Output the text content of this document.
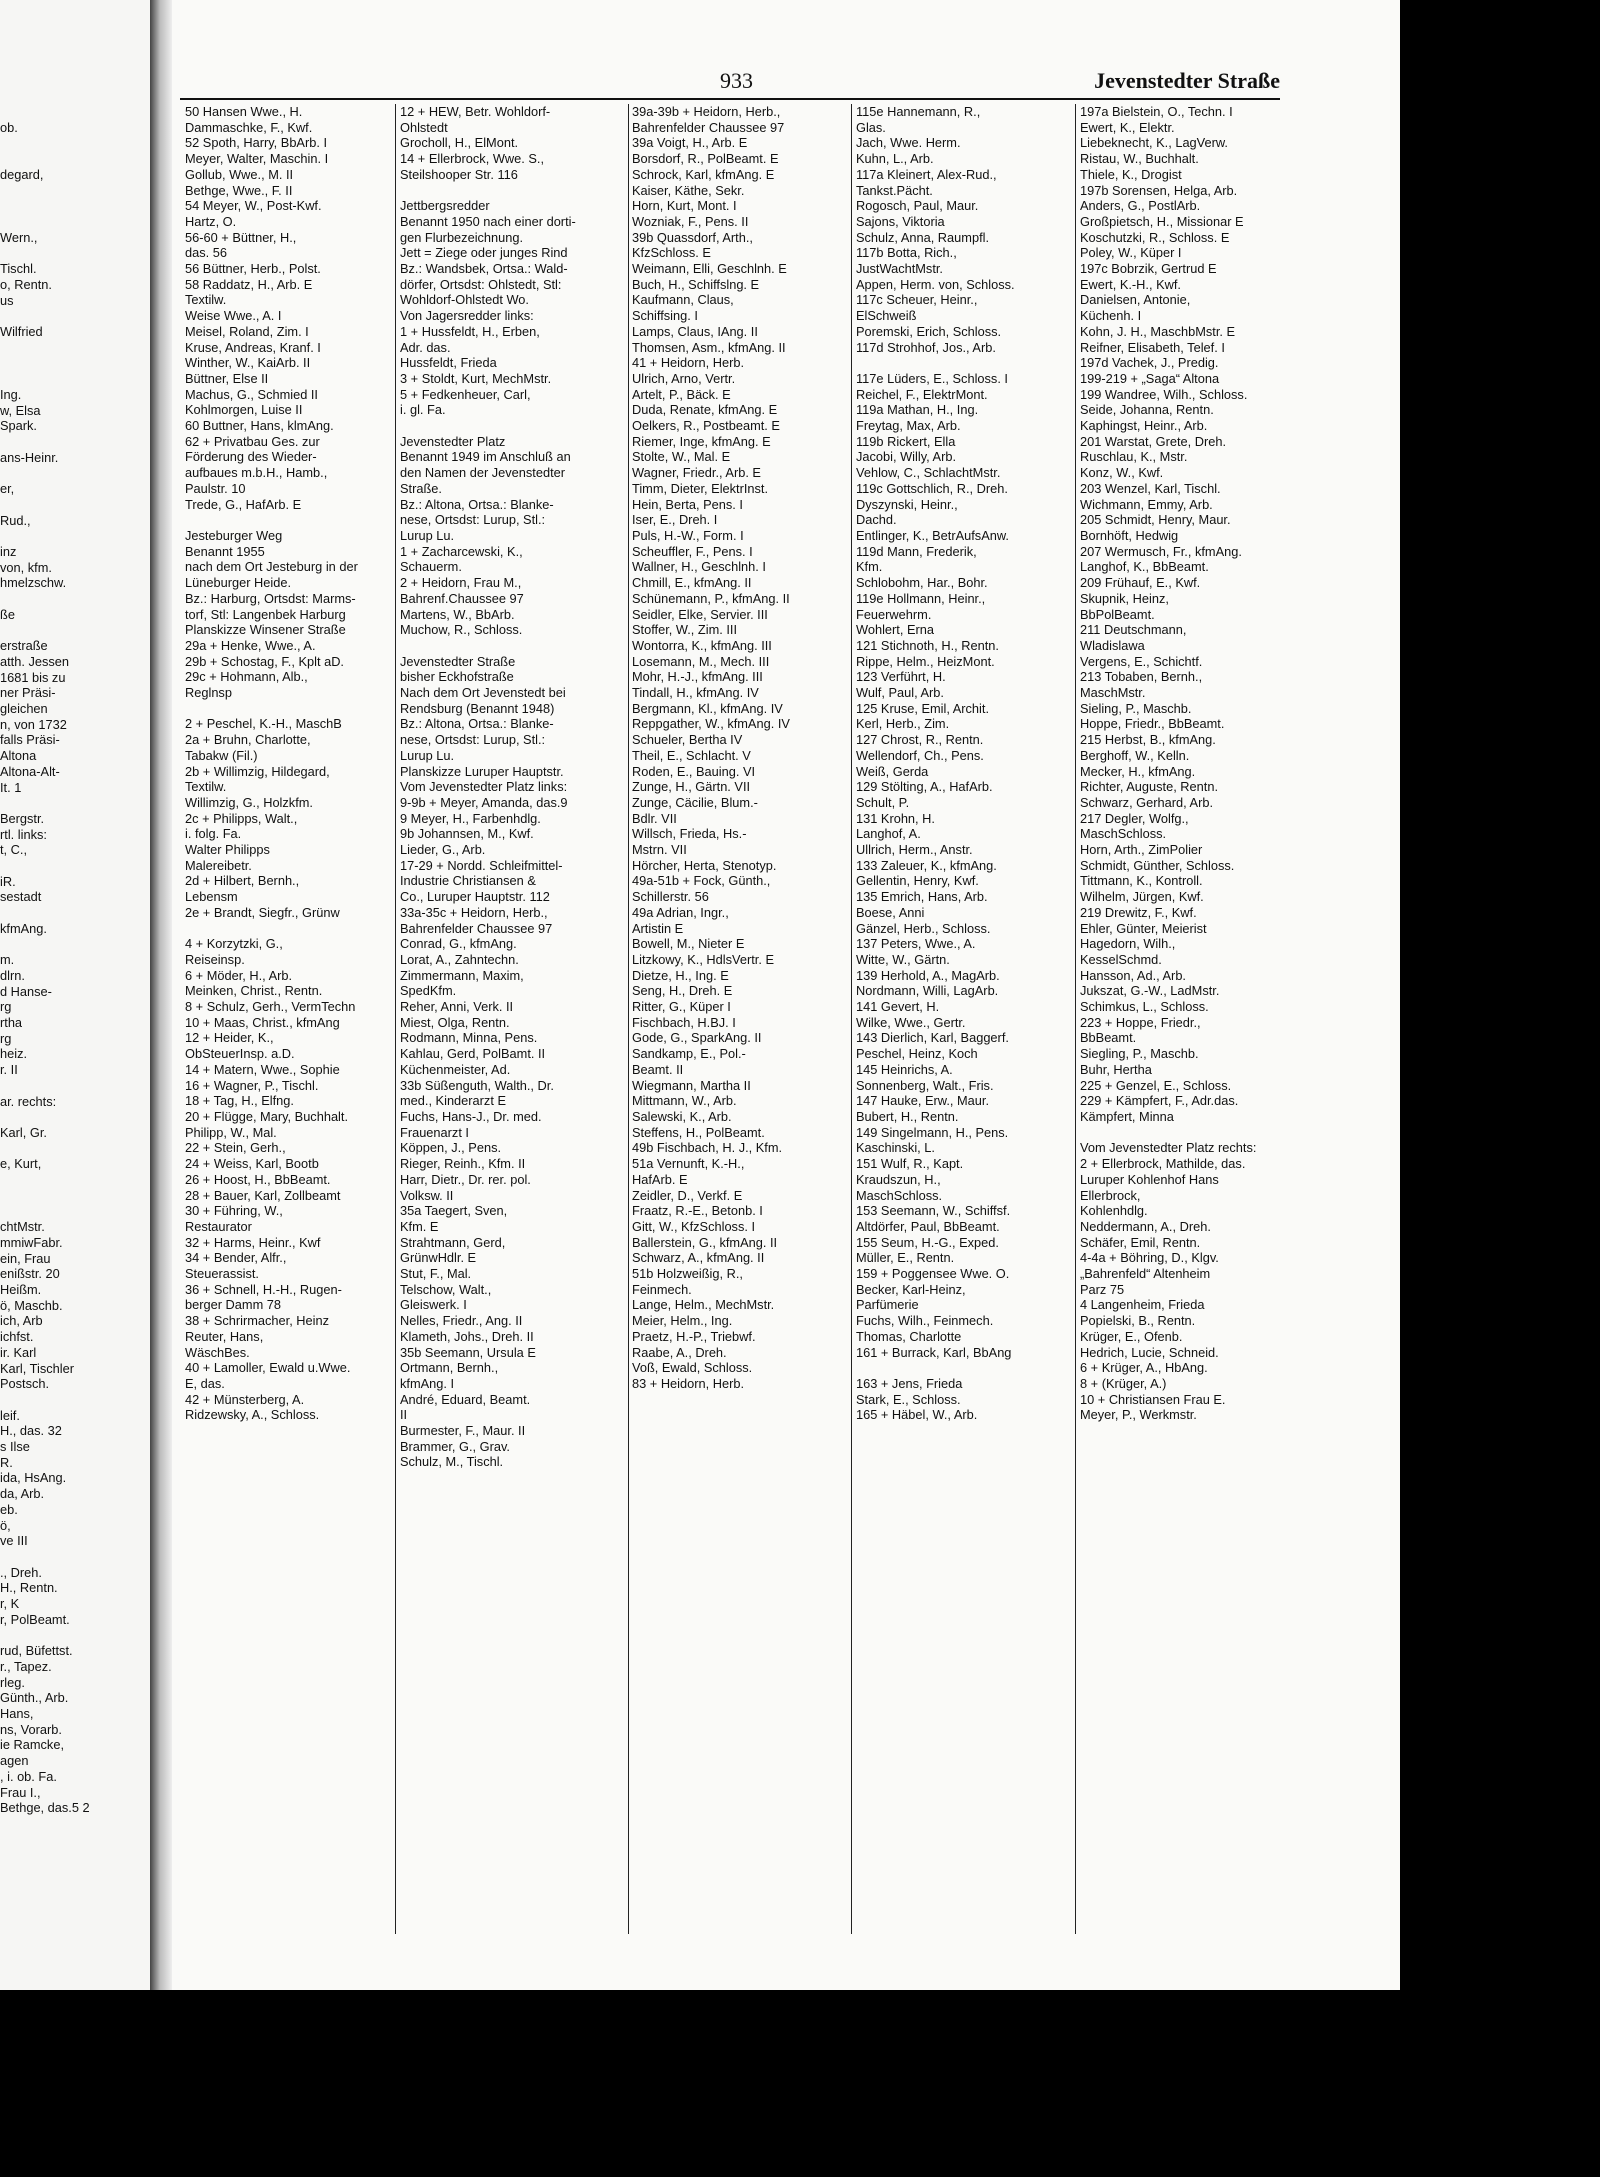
ob.

degard,

Wern.,

Tischl.
o, Rentn.
us

Wilfried

Ing.
w, Elsa
Spark.

ans-Heinr.

er,

Rud.,

inz
von, kfm.
hmelzschw.

ße

erstraße
atth. Jessen
1681 bis zu
ner Präsi-
gleichen
n, von 1732
falls Präsi-
Altona
Altona-Alt-
It. 1

Bergstr.
rtl. links:
t, C.,

iR.
sestadt

kfmAng.

m.
dlrn.
d Hanse-
rg
rtha
rg
heiz.
r. II

ar. rechts:

Karl, Gr.

e, Kurt,

chtMstr.
mmiwFabr.
ein, Frau
enißstr. 20
Heißm.
ö, Maschb.
ich, Arb
ichfst.
ir. Karl
Karl, Tischler
Postsch.

leif.
H., das. 32
s Ilse
R.
ida, HsAng.
da, Arb.
eb.
ö,
ve III

., Dreh.
H., Rentn.
r, K
r, PolBeamt.

rud, Büfettst.
r., Tapez.
rleg.
Günth., Arb.
Hans,
ns, Vorarb.
ie Ramcke,
agen
, i. ob. Fa.
Frau I.,
Bethge, das.5 2
933	Jevenstedter Straße
50 Hansen Wwe., H.
Dammaschke, F., Kwf.
52 Spoth, Harry, BbArb. I
Meyer, Walter, Maschin. I
Gollub, Wwe., M. II
Bethge, Wwe., F. II
54 Meyer, W., Post-Kwf.
Hartz, O.
56-60 + Büttner, H.,
das. 56
56 Büttner, Herb., Polst.
58 Raddatz, H., Arb. E
Textilw.
Weise Wwe., A. I
Meisel, Roland, Zim. I
Kruse, Andreas, Kranf. I
Winther, W., KaiArb. II
Büttner, Else II
Machus, G., Schmied II
Kohlmorgen, Luise II
60 Buttner, Hans, klmAng.
62 + Privatbau Ges. zur
Förderung des Wieder-
aufbaues m.b.H., Hamb.,
Paulstr. 10
Trede, G., HafArb. E

Jesteburger Weg
Benannt 1955
nach dem Ort Jesteburg in der
Lüneburger Heide.
Bz.: Harburg, Ortsdst: Marms-
torf, Stl: Langenbek Harburg
Planskizze Winsener Straße
29a + Henke, Wwe., A.
29b + Schostag, F., Kplt aD.
29c + Hohmann, Alb.,
Reglnsp

2 + Peschel, K.-H., MaschB
2a + Bruhn, Charlotte,
Tabakw (Fil.)
2b + Willimzig, Hildegard,
Textilw.
Willimzig, G., Holzkfm.
2c + Philipps, Walt.,
i. folg. Fa.
Walter Philipps
Malereibetr.
2d + Hilbert, Bernh.,
Lebensm
2e + Brandt, Siegfr., Grünw

4 + Korzytzki, G.,
Reiseinsp.
6 + Möder, H., Arb.
Meinken, Christ., Rentn.
8 + Schulz, Gerh., VermTechn
10 + Maas, Christ., kfmAng
12 + Heider, K.,
ObSteuerInsp. a.D.
14 + Matern, Wwe., Sophie
16 + Wagner, P., Tischl.
18 + Tag, H., Elfng.
20 + Flügge, Mary, Buchhalt.
Philipp, W., Mal.
22 + Stein, Gerh.,
24 + Weiss, Karl, Bootb
26 + Hoost, H., BbBeamt.
28 + Bauer, Karl, Zollbeamt
30 + Führing, W.,
Restaurator
32 + Harms, Heinr., Kwf
34 + Bender, Alfr.,
Steuerassist.
36 + Schnell, H.-H., Rugen-
berger Damm 78
38 + Schrirmacher, Heinz
Reuter, Hans,
WäschBes.
40 + Lamoller, Ewald u.Wwe.
E, das.
42 + Münsterberg, A.
Ridzewsky, A., Schloss.
12 + HEW, Betr. Wohldorf-
Ohlstedt
Grocholl, H., ElMont.
14 + Ellerbrock, Wwe. S.,
Steilshooper Str. 116

Jettbergsredder
Benannt 1950 nach einer dorti-
gen Flurbezeichnung.
Jett = Ziege oder junges Rind
Bz.: Wandsbek, Ortsa.: Wald-
dörfer, Ortsdst: Ohlstedt, Stl:
Wohldorf-Ohlstedt Wo.
Von Jagersredder links:
1 + Hussfeldt, H., Erben,
Adr. das.
Hussfeldt, Frieda
3 + Stoldt, Kurt, MechMstr.
5 + Fedkenheuer, Carl,
i. gl. Fa.

Jevenstedter Platz
Benannt 1949 im Anschluß an
den Namen der Jevenstedter
Straße.
Bz.: Altona, Ortsa.: Blanke-
nese, Ortsdst: Lurup, Stl.:
Lurup Lu.
1 + Zacharcewski, K.,
Schauerm.
2 + Heidorn, Frau M.,
Bahrenf.Chaussee 97
Martens, W., BbArb.
Muchow, R., Schloss.

Jevenstedter Straße
bisher Eckhofstraße
Nach dem Ort Jevenstedt bei
Rendsburg (Benannt 1948)
Bz.: Altona, Ortsa.: Blanke-
nese, Ortsdst: Lurup, Stl.:
Lurup Lu.
Planskizze Luruper Hauptstr.
Vom Jevenstedter Platz links:
9-9b + Meyer, Amanda, das.9
9 Meyer, H., Farbenhdlg.
9b Johannsen, M., Kwf.
Lieder, G., Arb.
17-29 + Nordd. Schleifmittel-
Industrie Christiansen &
Co., Luruper Hauptstr. 112
33a-35c + Heidorn, Herb.,
Bahrenfelder Chaussee 97
Conrad, G., kfmAng.
Lorat, A., Zahntechn.
Zimmermann, Maxim,
SpedKfm.
Reher, Anni, Verk. II
Miest, Olga, Rentn.
Rodmann, Minna, Pens.
Kahlau, Gerd, PolBamt. II
Küchenmeister, Ad.
33b Süßenguth, Walth., Dr.
med., Kinderarzt E
Fuchs, Hans-J., Dr. med.
Frauenarzt I
Köppen, J., Pens.
Rieger, Reinh., Kfm. II
Harr, Dietr., Dr. rer. pol.
Volksw. II
35a Taegert, Sven,
Kfm. E
Strahtmann, Gerd,
GrünwHdlr. E
Stut, F., Mal.
Telschow, Walt.,
Gleiswerk. I
Nelles, Friedr., Ang. II
Klameth, Johs., Dreh. II
35b Seemann, Ursula E
Ortmann, Bernh.,
kfmAng. I
André, Eduard, Beamt.
II
Burmester, F., Maur. II
Brammer, G., Grav.
Schulz, M., Tischl.
39a-39b + Heidorn, Herb.,
Bahrenfelder Chaussee 97
39a Voigt, H., Arb. E
Borsdorf, R., PolBeamt. E
Schrock, Karl, kfmAng. E
Kaiser, Käthe, Sekr.
Horn, Kurt, Mont. I
Wozniak, F., Pens. II
39b Quassdorf, Arth.,
KfzSchloss. E
Weimann, Elli, Geschlnh. E
Buch, H., Schiffslng. E
Kaufmann, Claus,
Schiffsing. I
Lamps, Claus, IAng. II
Thomsen, Asm., kfmAng. II
41 + Heidorn, Herb.
Ulrich, Arno, Vertr.
Artelt, P., Bäck. E
Duda, Renate, kfmAng. E
Oelkers, R., Postbeamt. E
Riemer, Inge, kfmAng. E
Stolte, W., Mal. E
Wagner, Friedr., Arb. E
Timm, Dieter, ElektrInst.
Hein, Berta, Pens. I
Iser, E., Dreh. I
Puls, H.-W., Form. I
Scheuffler, F., Pens. I
Wallner, H., Geschlnh. I
Chmill, E., kfmAng. II
Schünemann, P., kfmAng. II
Seidler, Elke, Servier. III
Stoffer, W., Zim. III
Wontorra, K., kfmAng. III
Losemann, M., Mech. III
Mohr, H.-J., kfmAng. III
Tindall, H., kfmAng. IV
Bergmann, Kl., kfmAng. IV
Reppgather, W., kfmAng. IV
Schueler, Bertha IV
Theil, E., Schlacht. V
Roden, E., Bauing. VI
Zunge, H., Gärtn. VII
Zunge, Cäcilie, Blum.-
Bdlr. VII
Willsch, Frieda, Hs.-
Mstrn. VII
Hörcher, Herta, Stenotyp.
49a-51b + Fock, Günth.,
Schillerstr. 56
49a Adrian, Ingr.,
Artistin E
Bowell, M., Nieter E
Litzkowy, K., HdlsVertr. E
Dietze, H., Ing. E
Seng, H., Dreh. E
Ritter, G., Küper I
Fischbach, H.BJ. I
Gode, G., SparkAng. II
Sandkamp, E., Pol.-
Beamt. II
Wiegmann, Martha II
Mittmann, W., Arb.
Salewski, K., Arb.
Steffens, H., PolBeamt.
49b Fischbach, H. J., Kfm.
51a Vernunft, K.-H.,
HafArb. E
Zeidler, D., Verkf. E
Fraatz, R.-E., Betonb. I
Gitt, W., KfzSchloss. I
Ballerstein, G., kfmAng. II
Schwarz, A., kfmAng. II
51b Holzweißig, R.,
Feinmech.
Lange, Helm., MechMstr.
Meier, Helm., Ing.
Praetz, H.-P., Triebwf.
Raabe, A., Dreh.
Voß, Ewald, Schloss.
83 + Heidorn, Herb.
115e Hannemann, R.,
Glas.
Jach, Wwe. Herm.
Kuhn, L., Arb.
117a Kleinert, Alex-Rud.,
Tankst.Pächt.
Rogosch, Paul, Maur.
Sajons, Viktoria
Schulz, Anna, Raumpfl.
117b Botta, Rich.,
JustWachtMstr.
Appen, Herm. von, Schloss.
117c Scheuer, Heinr.,
ElSchweiß
Poremski, Erich, Schloss.
117d Strohhof, Jos., Arb.

117e Lüders, E., Schloss. I
Reichel, F., ElektrMont.
119a Mathan, H., Ing.
Freytag, Max, Arb.
119b Rickert, Ella
Jacobi, Willy, Arb.
Vehlow, C., SchlachtMstr.
119c Gottschlich, R., Dreh.
Dyszynski, Heinr.,
Dachd.
Entlinger, K., BetrAufsAnw.
119d Mann, Frederik,
Kfm.
Schlobohm, Har., Bohr.
119e Hollmann, Heinr.,
Feuerwehrm.
Wohlert, Erna
121 Stichnoth, H., Rentn.
Rippe, Helm., HeizMont.
123 Verführt, H.
Wulf, Paul, Arb.
125 Kruse, Emil, Archit.
Kerl, Herb., Zim.
127 Chrost, R., Rentn.
Wellendorf, Ch., Pens.
Weiß, Gerda
129 Stölting, A., HafArb.
Schult, P.
131 Krohn, H.
Langhof, A.
Ullrich, Herm., Anstr.
133 Zaleuer, K., kfmAng.
Gellentin, Henry, Kwf.
135 Emrich, Hans, Arb.
Boese, Anni
Gänzel, Herb., Schloss.
137 Peters, Wwe., A.
Witte, W., Gärtn.
139 Herhold, A., MagArb.
Nordmann, Willi, LagArb.
141 Gevert, H.
Wilke, Wwe., Gertr.
143 Dierlich, Karl, Baggerf.
Peschel, Heinz, Koch
145 Heinrichs, A.
Sonnenberg, Walt., Fris.
147 Hauke, Erw., Maur.
Bubert, H., Rentn.
149 Singelmann, H., Pens.
Kaschinski, L.
151 Wulf, R., Kapt.
Kraudszun, H.,
MaschSchloss.
153 Seemann, W., Schiffsf.
Altdörfer, Paul, BbBeamt.
155 Seum, H.-G., Exped.
Müller, E., Rentn.
159 + Poggensee Wwe. O.
Becker, Karl-Heinz,
Parfümerie
Fuchs, Wilh., Feinmech.
Thomas, Charlotte
161 + Burrack, Karl, BbAng

163 + Jens, Frieda
Stark, E., Schloss.
165 + Häbel, W., Arb.
197a Bielstein, O., Techn. I
Ewert, K., Elektr.
Liebeknecht, K., LagVerw.
Ristau, W., Buchhalt.
Thiele, K., Drogist
197b Sorensen, Helga, Arb.
Anders, G., PostlArb.
Großpietsch, H., Missionar E
Koschutzki, R., Schloss. E
Poley, W., Küper I
197c Bobrzik, Gertrud E
Ewert, K.-H., Kwf.
Danielsen, Antonie,
Küchenh. I
Kohn, J. H., MaschbMstr. E
Reifner, Elisabeth, Telef. I
197d Vachek, J., Predig.
199-219 + „Saga“ Altona
199 Wandree, Wilh., Schloss.
Seide, Johanna, Rentn.
Kaphingst, Heinr., Arb.
201 Warstat, Grete, Dreh.
Ruschlau, K., Mstr.
Konz, W., Kwf.
203 Wenzel, Karl, Tischl.
Wichmann, Emmy, Arb.
205 Schmidt, Henry, Maur.
Bornhöft, Hedwig
207 Wermusch, Fr., kfmAng.
Langhof, K., BbBeamt.
209 Frühauf, E., Kwf.
Skupnik, Heinz,
BbPolBeamt.
211 Deutschmann,
Wladislawa
Vergens, E., Schichtf.
213 Tobaben, Bernh.,
MaschMstr.
Sieling, P., Maschb.
Hoppe, Friedr., BbBeamt.
215 Herbst, B., kfmAng.
Berghoff, W., Kelln.
Mecker, H., kfmAng.
Richter, Auguste, Rentn.
Schwarz, Gerhard, Arb.
217 Degler, Wolfg.,
MaschSchloss.
Horn, Arth., ZimPolier
Schmidt, Günther, Schloss.
Tittmann, K., Kontroll.
Wilhelm, Jürgen, Kwf.
219 Drewitz, F., Kwf.
Ehler, Günter, Meierist
Hagedorn, Wilh.,
KesselSchmd.
Hansson, Ad., Arb.
Jukszat, G.-W., LadMstr.
Schimkus, L., Schloss.
223 + Hoppe, Friedr.,
BbBeamt.
Siegling, P., Maschb.
Buhr, Hertha
225 + Genzel, E., Schloss.
229 + Kämpfert, F., Adr.das.
Kämpfert, Minna

Vom Jevenstedter Platz rechts:
2 + Ellerbrock, Mathilde, das.
Luruper Kohlenhof Hans
Ellerbrock,
Kohlenhdlg.
Neddermann, A., Dreh.
Schäfer, Emil, Rentn.
4-4a + Böhring, D., Klgv.
„Bahrenfeld“ Altenheim
Parz 75
4 Langenheim, Frieda
Popielski, B., Rentn.
Krüger, E., Ofenb.
Hedrich, Lucie, Schneid.
6 + Krüger, A., HbAng.
8 + (Krüger, A.)
10 + Christiansen Frau E.
Meyer, P., Werkmstr.
